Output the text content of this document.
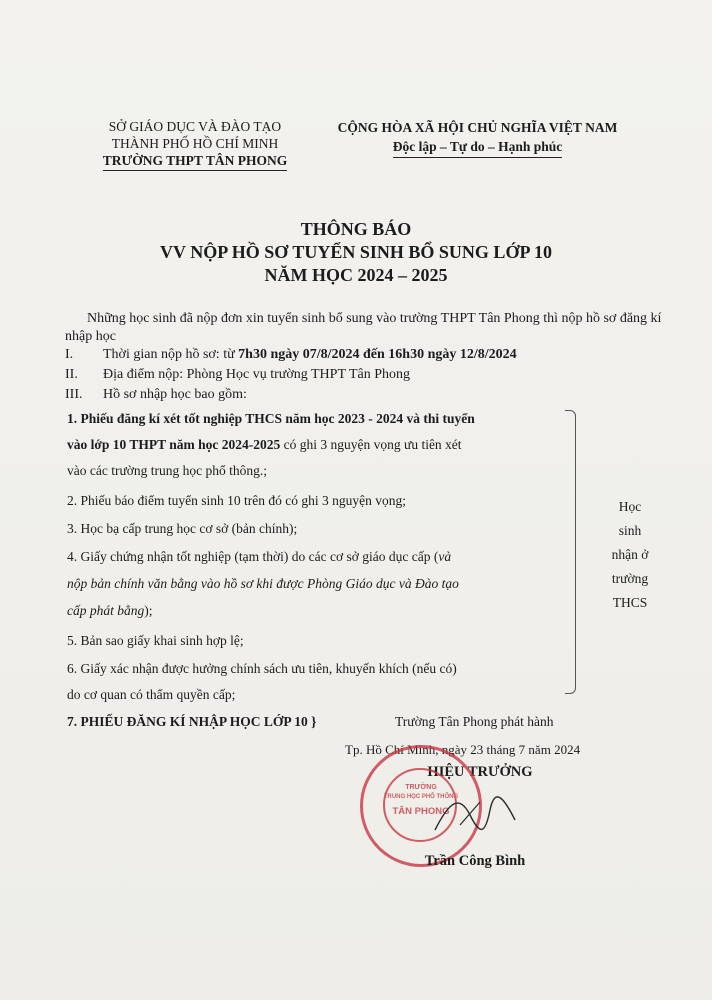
SỞ GIÁO DỤC VÀ ĐÀO TẠO
THÀNH PHỐ HỒ CHÍ MINH
TRƯỜNG THPT TÂN PHONG
CỘNG HÒA XÃ HỘI CHỦ NGHĨA VIỆT NAM
Độc lập – Tự do – Hạnh phúc
THÔNG BÁO
VV NỘP HỒ SƠ TUYỂN SINH BỔ SUNG LỚP 10
NĂM HỌC 2024 – 2025
Những học sinh đã nộp đơn xin tuyển sinh bổ sung vào trường THPT Tân Phong thì nộp hồ sơ đăng kí nhập học
I. Thời gian nộp hồ sơ: từ 7h30 ngày 07/8/2024 đến 16h30 ngày 12/8/2024
II. Địa điểm nộp: Phòng Học vụ trường THPT Tân Phong
III. Hồ sơ nhập học bao gồm:
1. Phiếu đăng kí xét tốt nghiệp THCS năm học 2023 - 2024 và thi tuyển
vào lớp 10 THPT năm học 2024-2025 có ghi 3 nguyện vọng ưu tiên xét
vào các trường trung học phổ thông.;
2. Phiếu báo điểm tuyển sinh 10 trên đó có ghi 3 nguyện vọng;
3. Học bạ cấp trung học cơ sở (bản chính);
4. Giấy chứng nhận tốt nghiệp (tạm thời) do các cơ sở giáo dục cấp (và
nộp bản chính văn bằng vào hồ sơ khi được Phòng Giáo dục và Đào tạo
cấp phát bằng);
5. Bản sao giấy khai sinh hợp lệ;
6. Giấy xác nhận được hưởng chính sách ưu tiên, khuyến khích (nếu có)
do cơ quan có thẩm quyền cấp;
7. PHIẾU ĐĂNG KÍ NHẬP HỌC LỚP 10 }	Trường Tân Phong phát hành
Học
sinh
nhận ở
trường
THCS
Tp. Hồ Chí Minh, ngày 23 tháng 7 năm 2024
HIỆU TRƯỞNG
TRƯỜNG
TRUNG HỌC PHỔ THÔNG
TÂN PHONG
Trần Công Bình
